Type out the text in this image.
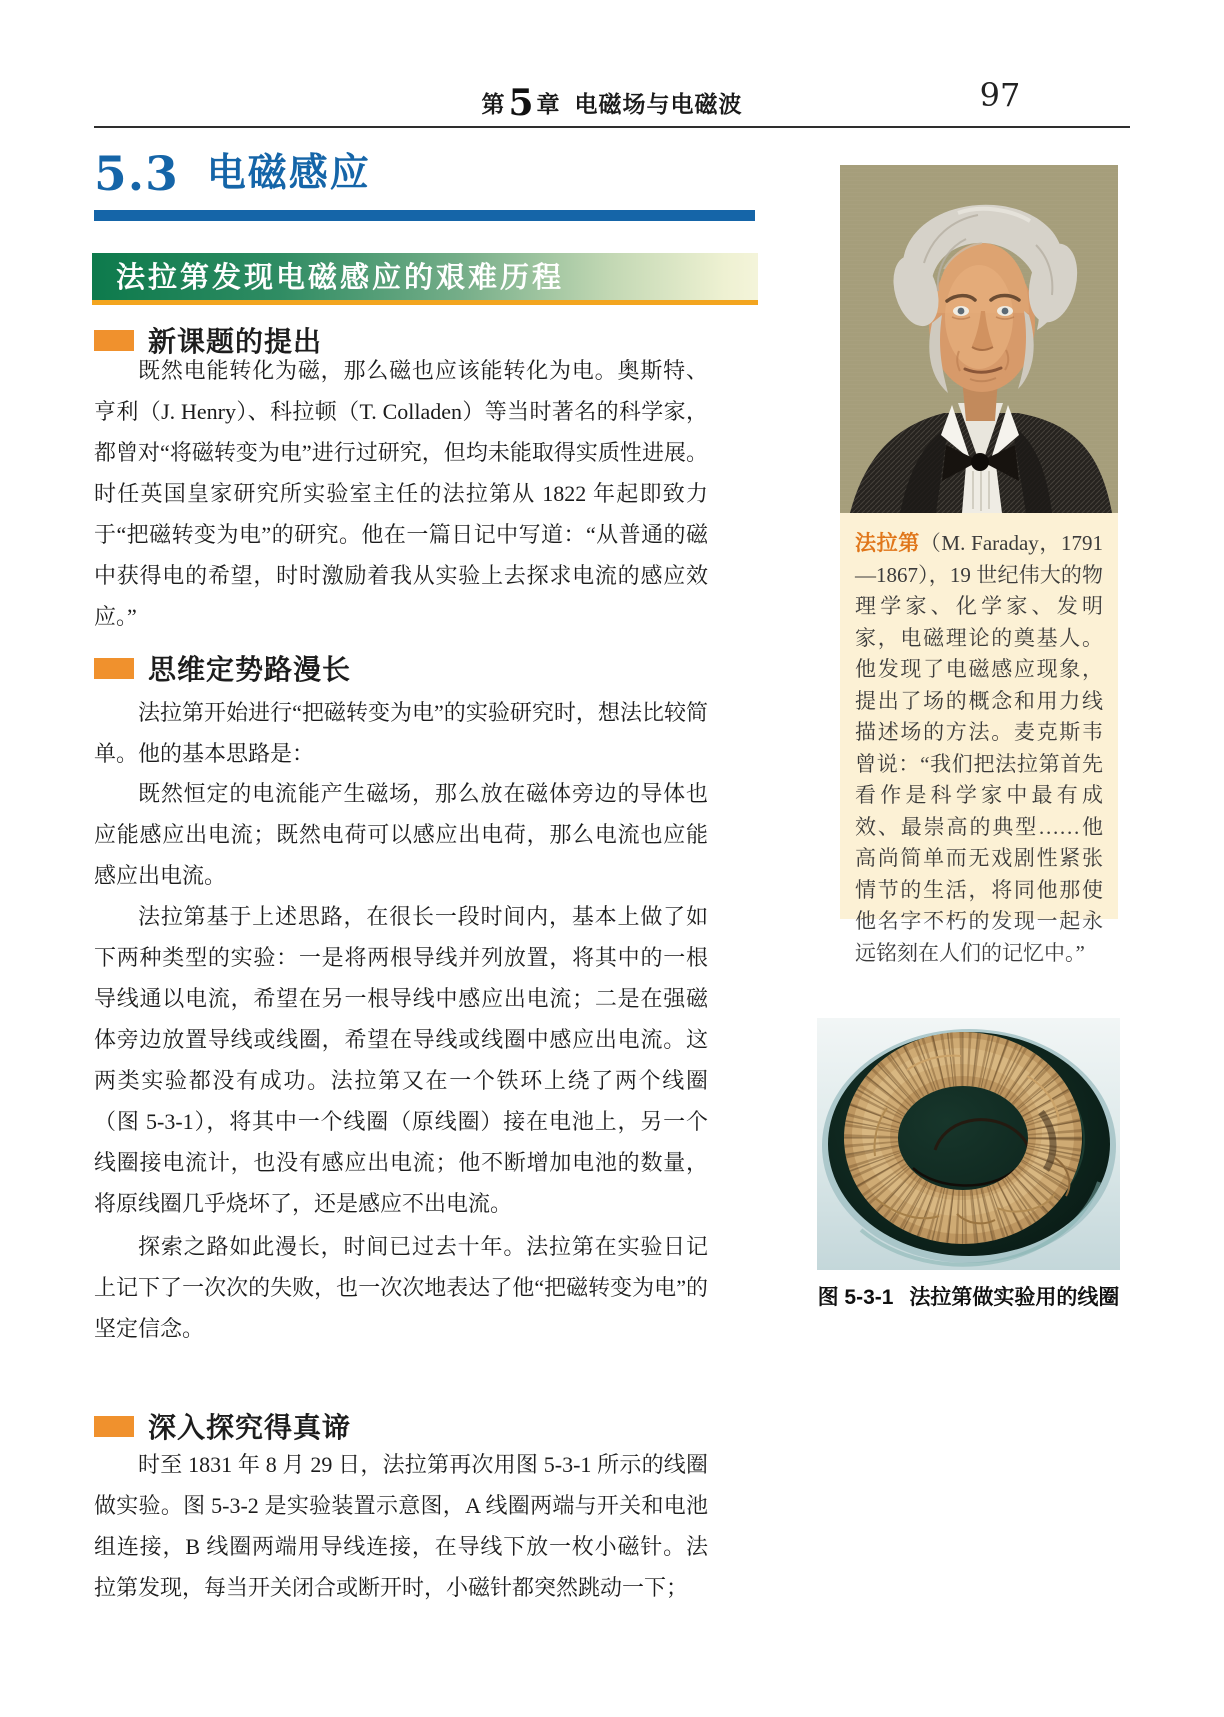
第5 章 电磁场与电磁波	97
5.3 电磁感应
法拉第发现电磁感应的艰难历程
新课题的提出

既然电能转化为磁，那么磁也应该能转化为电。奥斯特、亨利（J. Henry）、科拉顿（T. Colladen）等当时著名的科学家，都曾对“将磁转变为电”进行过研究，但均未能取得实质性进展。时任英国皇家研究所实验室主任的法拉第从 1822 年起即致力于“把磁转变为电”的研究。他在一篇日记中写道：“从普通的磁中获得电的希望，时时激励着我从实验上去探求电流的感应效应。”

思维定势路漫长

法拉第开始进行“把磁转变为电”的实验研究时，想法比较简单。他的基本思路是：

既然恒定的电流能产生磁场，那么放在磁体旁边的导体也应能感应出电流；既然电荷可以感应出电荷，那么电流也应能感应出电流。

法拉第基于上述思路，在很长一段时间内，基本上做了如下两种类型的实验：一是将两根导线并列放置，将其中的一根导线通以电流，希望在另一根导线中感应出电流；二是在强磁体旁边放置导线或线圈，希望在导线或线圈中感应出电流。这两类实验都没有成功。法拉第又在一个铁环上绕了两个线圈（图 5-3-1），将其中一个线圈（原线圈）接在电池上，另一个线圈接电流计，也没有感应出电流；他不断增加电池的数量，将原线圈几乎烧坏了，还是感应不出电流。

探索之路如此漫长，时间已过去十年。法拉第在实验日记上记下了一次次的失败，也一次次地表达了他“把磁转变为电”的坚定信念。

深入探究得真谛

时至 1831 年 8 月 29 日，法拉第再次用图 5-3-1 所示的线圈做实验。图 5-3-2 是实验装置示意图，A 线圈两端与开关和电池组连接，B 线圈两端用导线连接，在导线下放一枚小磁针。法拉第发现，每当开关闭合或断开时，小磁针都突然跳动一下；

法拉第（M. Faraday，1791—1867），19 世纪伟大的物理学家、化学家、发明家，电磁理论的奠基人。他发现了电磁感应现象，提出了场的概念和用力线描述场的方法。麦克斯韦曾说：“我们把法拉第首先看作是科学家中最有成效、最崇高的典型……他高尚简单而无戏剧性紧张情节的生活，将同他那使他名字不朽的发现一起永远铭刻在人们的记忆中。”

图 5-3-1 法拉第做实验用的线圈
